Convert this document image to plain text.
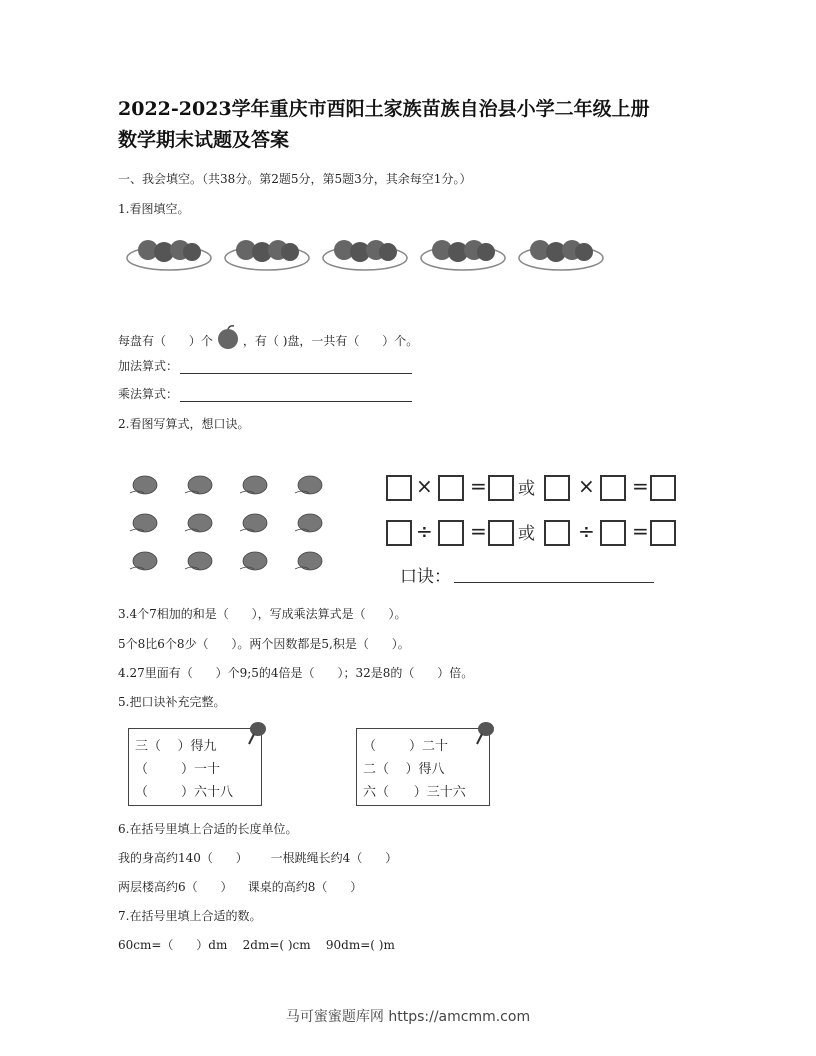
2022-2023学年重庆市酉阳土家族苗族自治县小学二年级上册
数学期末试题及答案
一、我会填空。（共38分。第2题5分，第5题3分，其余每空1分。）
1.看图填空。
每盘有（      ）个	，有（ )盘，一共有（      ）个。
加法算式：
乘法算式：
2.看图写算式，想口诀。
× = 或 × =
÷ = 或 ÷ =
口诀：
3.4个7相加的和是（      ），写成乘法算式是（      ）。
5个8比6个8少（      ）。两个因数都是5,积是（      ）。
4.27里面有（      ）个9;5的4倍是（      ）；32是8的（      ）倍。
5.把口诀补充完整。
三（    ）得九
（        ）一十
（        ）六十八
（        ）二十
二（    ）得八
六（      ）三十六
6.在括号里填上合适的长度单位。
我的身高约140（      ）      一根跳绳长约4（      ）
两层楼高约6（      ）    课桌的高约8（      ）
7.在括号里填上合适的数。
60cm=（      ）dm    2dm=( )cm    90dm=( )m
马可蜜蜜题库网 https://amcmm.com
